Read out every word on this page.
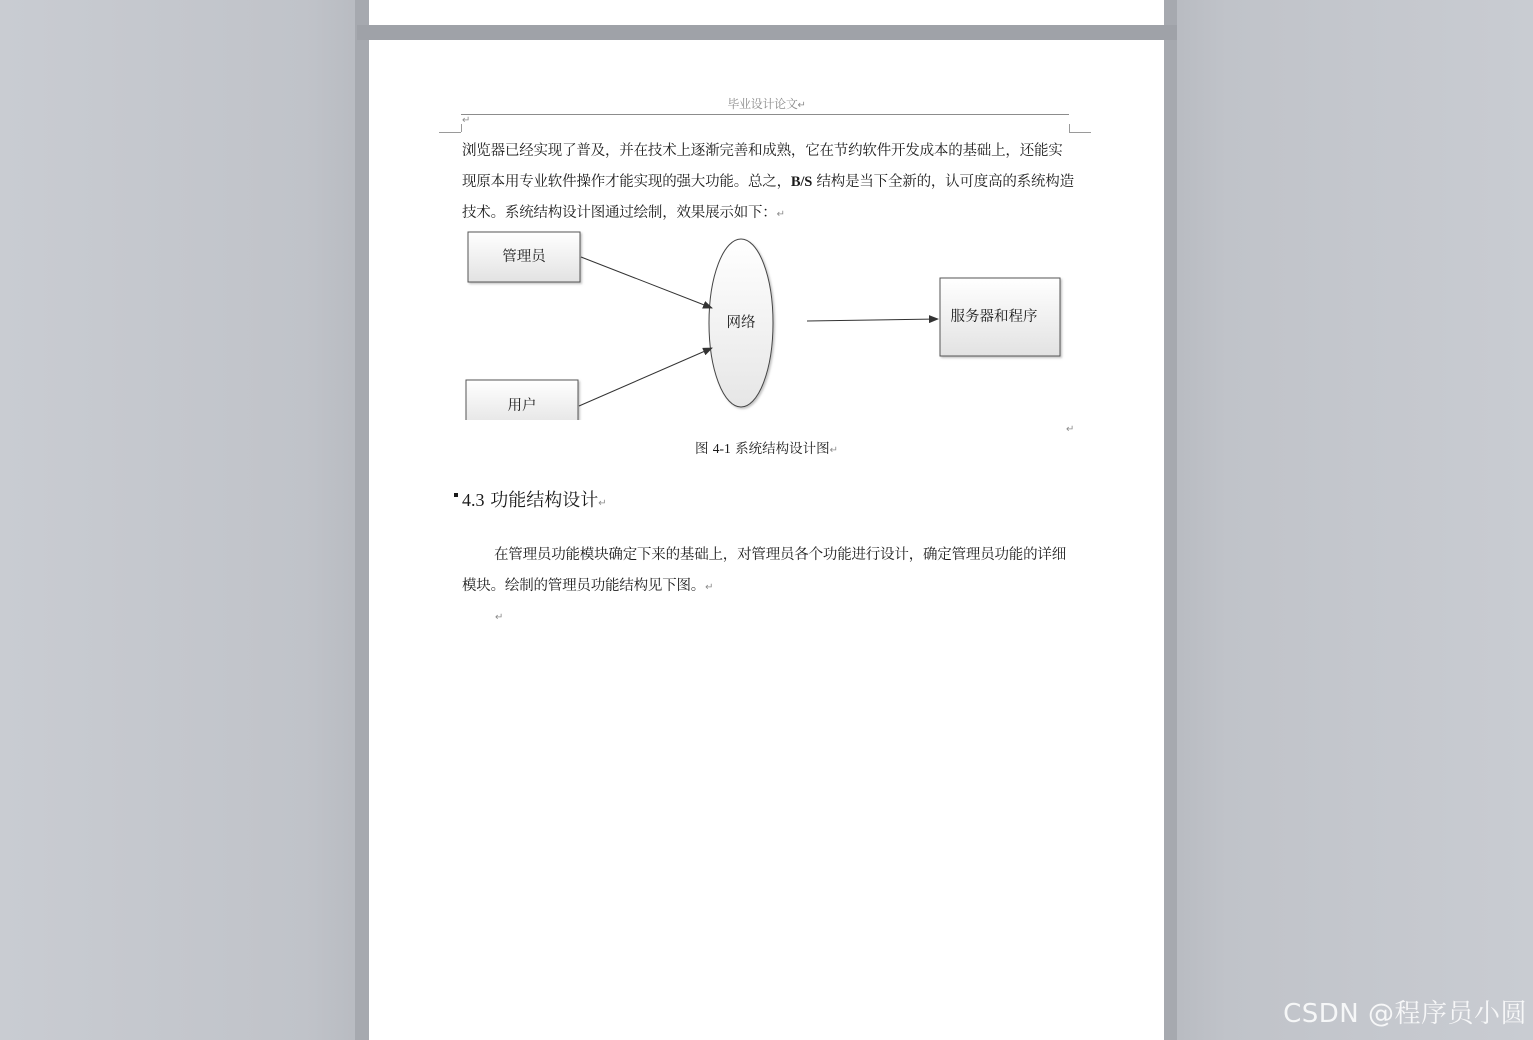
毕业设计论文↵
↵
浏览器已经实现了普及，并在技术上逐渐完善和成熟，它在节约软件开发成本的基础上，还能实现原本用专业软件操作才能实现的强大功能。总之，B/S 结构是当下全新的，认可度高的系统构造技术。系统结构设计图通过绘制，效果展示如下：↵
管理员
用户
网络	服务器和程序
↵
图 4-1 系统结构设计图↵
4.3 功能结构设计↵
在管理员功能模块确定下来的基础上，对管理员各个功能进行设计，确定管理员功能的详细模块。绘制的管理员功能结构见下图。↵
↵
CSDN @程序员小圆
